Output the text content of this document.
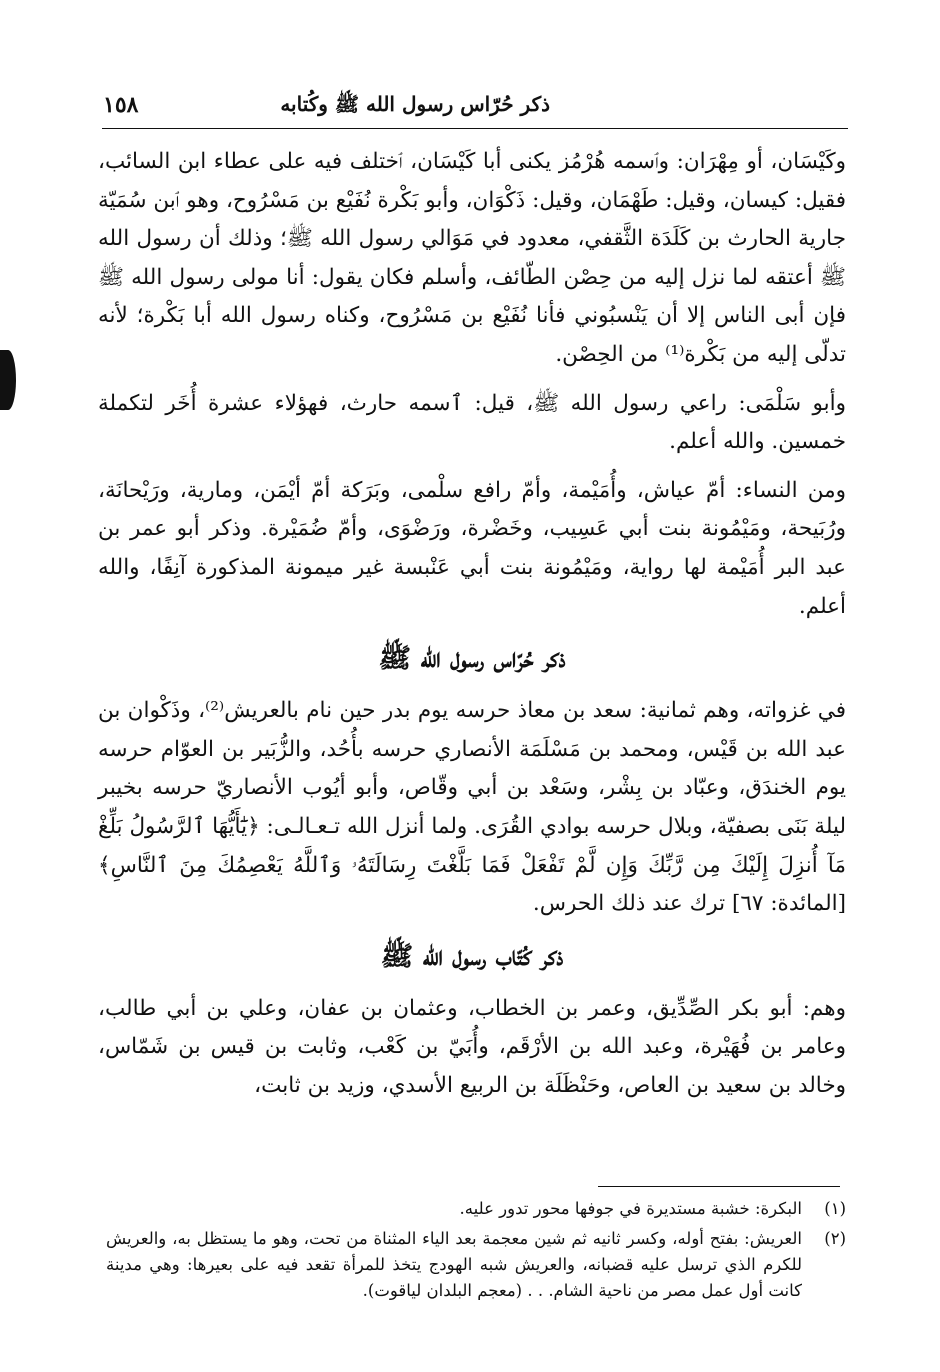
ذكر حُرّاس رسول الله ﷺ وكُتابه
١٥٨

وكَيْسَان، أو مِهْرَان: وٱسمه هُرْمُز يكنى أبا كَيْسَان، ٱختلف فيه على عطاء ابن السائب، فقيل: كيسان، وقيل: طَهْمَان، وقيل: ذَكْوَان، وأبو بَكْرة نُفَيْع بن مَسْرُوح، وهو ٱبن سُمَيّة جارية الحارث بن كَلَدَة الثَّقفي، معدود في مَوَالي رسول الله ﷺ؛ وذلك أن رسول الله ﷺ أعتقه لما نزل إليه من حِصْن الطّائف، وأسلم فكان يقول: أنا مولى رسول الله ﷺ فإن أبى الناس إلا أن يَنْسبُوني فأنا نُفَيْع بن مَسْرُوح، وكناه رسول الله أبا بَكْرة؛ لأنه تدلّى إليه من بَكْرة⁽¹⁾ من الحِصْن.

وأبو سَلْمَى: راعي رسول الله ﷺ، قيل: ٱسمه حارث، فهؤلاء عشرة أُخَر لتكملة خمسين. والله أعلم.

ومن النساء: أمّ عياش، وأُمَيْمة، وأمّ رافع سلْمى، وبَرَكة أمّ أيْمَن، ومارية، ورَيْحانَة، ورُبَيحة، ومَيْمُونة بنت أبي عَسِيب، وخَضْرة، ورَضْوَى، وأمّ ضُمَيْرة. وذكر أبو عمر بن عبد البر أُمَيْمة لها رواية، ومَيْمُونة بنت أبي عَنْبسة غير ميمونة المذكورة آنِفًا، والله أعلم.

ذكر حُرّاس رسول الله ﷺ

في غزواته، وهم ثمانية: سعد بن معاذ حرسه يوم بدر حين نام بالعريش⁽²⁾، وذَكْوان بن عبد الله بن قَيْس، ومحمد بن مَسْلَمَة الأنصاري حرسه بأُحُد، والزُّبَير بن العوّام حرسه يوم الخندَق، وعبّاد بن بِشْر، وسَعْد بن أبي وقّاص، وأبو أيُوب الأنصاريّ حرسه بخيبر ليلة بَنَى بصفيّة، وبلال حرسه بوادي القُرَى. ولما أنزل الله تـعـالـى: ﴿يَٰٓأَيُّهَا ٱلرَّسُولُ بَلِّغْ مَآ أُنزِلَ إِلَيْكَ مِن رَّبِّكَ وَإِن لَّمْ تَفْعَلْ فَمَا بَلَّغْتَ رِسَالَتَهُۥ وَٱللَّهُ يَعْصِمُكَ مِنَ ٱلنَّاسِ﴾ [المائدة: ٦٧] ترك عند ذلك الحرس.

ذكر كُتّاب رسول الله ﷺ

وهم: أبو بكر الصِّدِّيق، وعمر بن الخطاب، وعثمان بن عفان، وعلي بن أبي طالب، وعامر بن فُهَيْرة، وعبد الله بن الأرْقَم، وأُبَيّ بن كَعْب، وثابت بن قيس بن شَمّاس، وخالد بن سعيد بن العاص، وحَنْظَلَة بن الربيع الأسدي، وزيد بن ثابت،

(١)
البكرة: خشبة مستديرة في جوفها محور تدور عليه.
(٢)
العريش: بفتح أوله، وكسر ثانيه ثم شين معجمة بعد الياء المثناة من تحت، وهو ما يستظل به، والعريش للكرم الذي ترسل عليه قضبانه، والعريش شبه الهودج يتخذ للمرأة تقعد فيه على بعيرها: وهي مدينة كانت أول عمل مصر من ناحية الشام. . . (معجم البلدان لياقوت).
